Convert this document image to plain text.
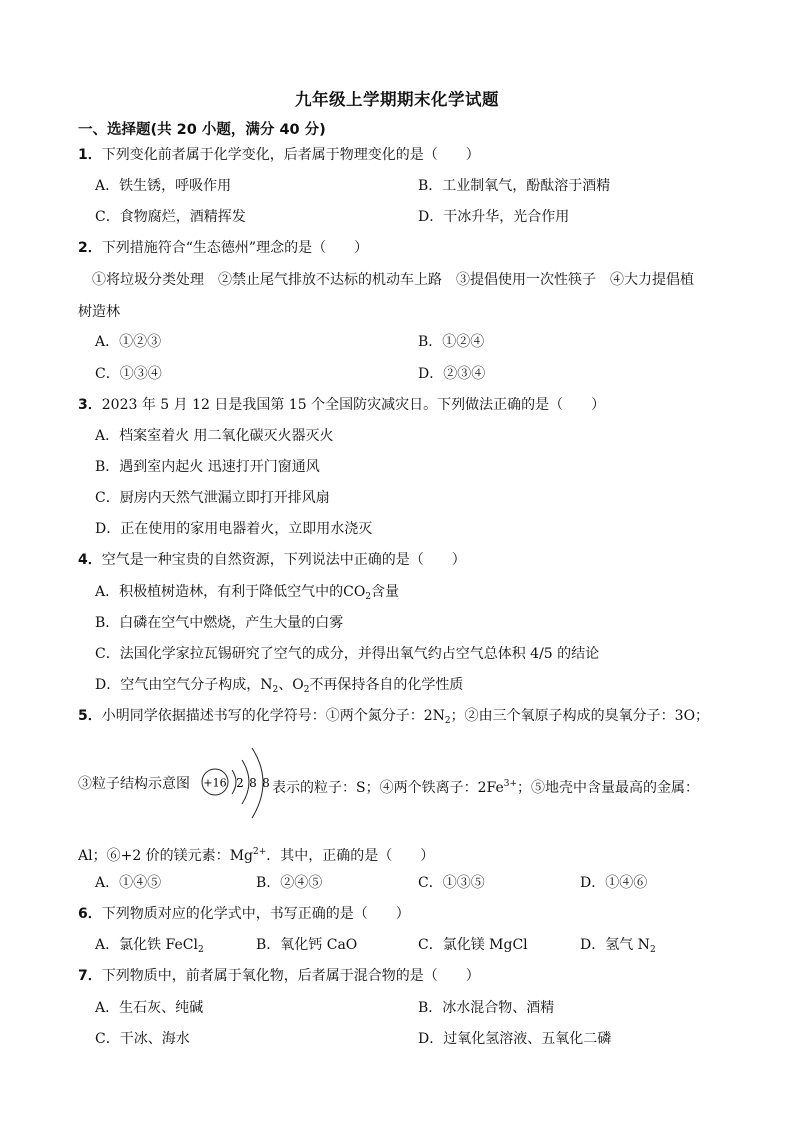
九年级上学期期末化学试题
一、选择题(共 20 小题，满分 40 分)
1．下列变化前者属于化学变化，后者属于物理变化的是（　　）
A．铁生锈，呼吸作用	B．工业制氧气，酚酞溶于酒精
C．食物腐烂，酒精挥发	D．干冰升华，光合作用
2．下列措施符合“生态德州”理念的是（　　）
①将垃圾分类处理　②禁止尾气排放不达标的机动车上路　③提倡使用一次性筷子　④大力提倡植
树造林
A．①②③	B．①②④
C．①③④	D．②③④
3．2023 年 5 月 12 日是我国第 15 个全国防灾减灾日。下列做法正确的是（　　）
A．档案室着火 用二氧化碳灭火器灭火
B．遇到室内起火 迅速打开门窗通风
C．厨房内天然气泄漏立即打开排风扇
D．正在使用的家用电器着火，立即用水浇灭
4．空气是一种宝贵的自然资源，下列说法中正确的是（　　）
A．积极植树造林，有利于降低空气中的$CO_2$含量
B．白磷在空气中燃烧，产生大量的白雾
C．法国化学家拉瓦锡研究了空气的成分，并得出氧气约占空气总体积 4/5 的结论
D．空气由空气分子构成，$N_2$、$O_2$不再保持各自的化学性质
5．小明同学依据描述书写的化学符号：①两个氮分子：$2N_2$；②由三个氧原子构成的臭氧分子：3O；
③粒子结构示意图 +16 2 8 8 表示的粒子：S；④两个铁离子：$2Fe^{3+}$；⑤地壳中含量最高的金属：
Al；⑥+2 价的镁元素：$Mg^{2+}$．其中，正确的是（　　）
A．①④⑤	B．②④⑤	C．①③⑤	D．①④⑥
6．下列物质对应的化学式中，书写正确的是（　　）
A．氯化铁 FeCl$_2$	B．氧化钙 CaO	C．氯化镁 MgCl	D．氢气 $N_2$
7．下列物质中，前者属于氧化物，后者属于混合物的是（　　）
A．生石灰、纯碱	B．冰水混合物、酒精
C．干冰、海水	D．过氧化氢溶液、五氧化二磷
